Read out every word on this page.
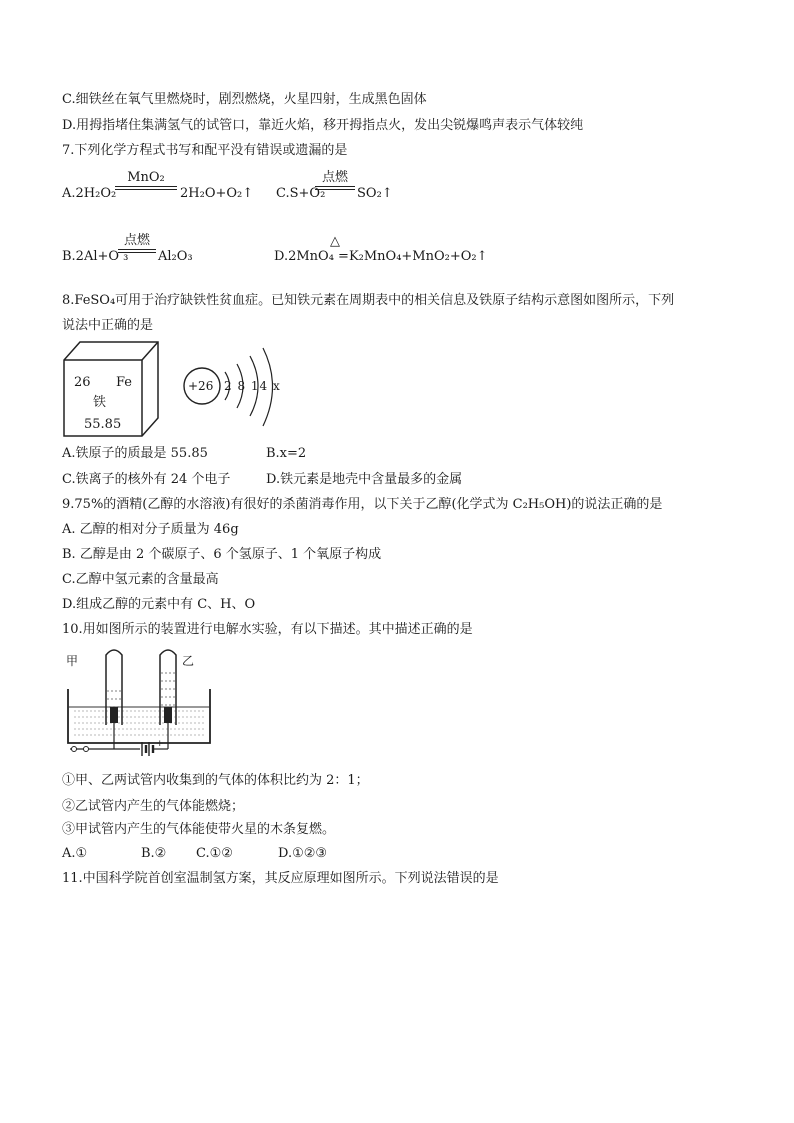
C.细铁丝在氧气里燃烧时，剧烈燃烧，火星四射，生成黑色固体
D.用拇指堵住集满氢气的试管口，靠近火焰，移开拇指点火，发出尖锐爆鸣声表示气体较纯
7.下列化学方程式书写和配平没有错误或遗漏的是
A.2H₂O₂
MnO₂
2H₂O+O₂↑ C.S+O₂
点燃
SO₂↑
B.2Al+O ₃
点燃
Al₂O₃
△
D.2MnO₄ =K₂MnO₄+MnO₂+O₂↑
8.FeSO₄可用于治疗缺铁性贫血症。已知铁元素在周期表中的相关信息及铁原子结构示意图如图所示，下列
说法中正确的是
26 Fe
铁
55.85
+26 2 8 14 x
A.铁原子的质最是 55.85	B.x=2
C.铁离子的核外有 24 个电子	D.铁元素是地壳中含量最多的金属
9.75%的酒精(乙醇的水溶液)有很好的杀菌消毒作用，以下关于乙醇(化学式为 C₂H₅OH)的说法正确的是
A. 乙醇的相对分子质量为 46g
B. 乙醇是由 2 个碳原子、6 个氢原子、1 个氧原子构成
C.乙醇中氢元素的含量最高
D.组成乙醇的元素中有 C、H、O
10.用如图所示的装置进行电解水实验，有以下描述。其中描述正确的是
+
甲	乙
①甲、乙两试管内收集到的气体的体积比约为 2：1；
②乙试管内产生的气体能燃烧；
③甲试管内产生的气体能使带火星的木条复燃。
A.①	B.② C.①②	D.①②③
11.中国科学院首创室温制氢方案，其反应原理如图所示。下列说法错误的是
